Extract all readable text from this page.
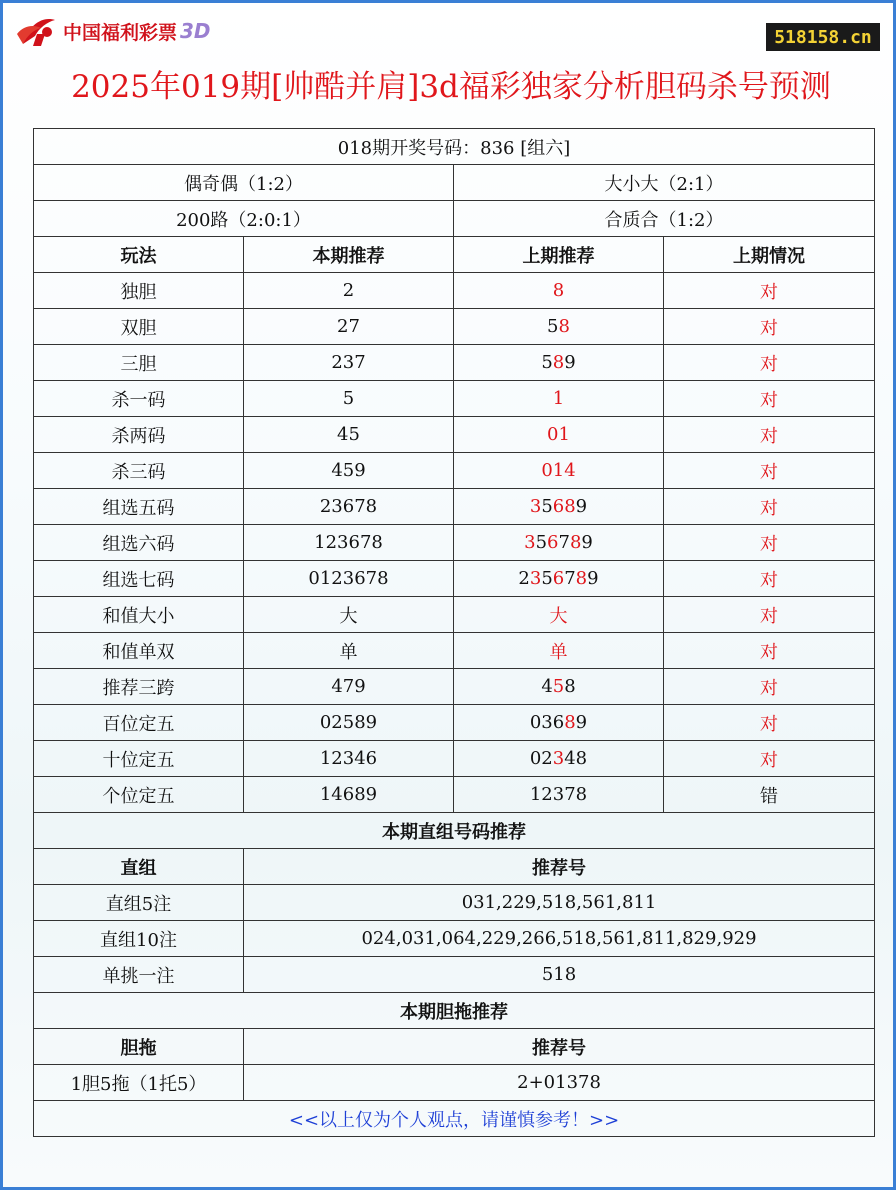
中国福利彩票 3D	518158.cn
2025年019期[帅酷并肩]3d福彩独家分析胆码杀号预测
018期开奖号码：836 [组六]			
偶奇偶（1:2）		大小大（2:1）	
200路（2:0:1）		合质合（1:2）	
玩法	本期推荐	上期推荐	上期情况
独胆	2	8	对
双胆	27	58	对
三胆	237	589	对
杀一码	5	1	对
杀两码	45	01	对
杀三码	459	014	对
组选五码	23678	35689	对
组选六码	123678	356789	对
组选七码	0123678	2356789	对
和值大小	大	大	对
和值单双	单	单	对
推荐三跨	479	458	对
百位定五	02589	03689	对
十位定五	12346	02348	对
个位定五	14689	12378	错
本期直组号码推荐			
直组	推荐号		
直组5注	031,229,518,561,811		
直组10注	024,031,064,229,266,518,561,811,829,929		
单挑一注	518		
本期胆拖推荐			
胆拖	推荐号		
1胆5拖（1托5）	2+01378		
<<以上仅为个人观点，请谨慎参考！>>			
